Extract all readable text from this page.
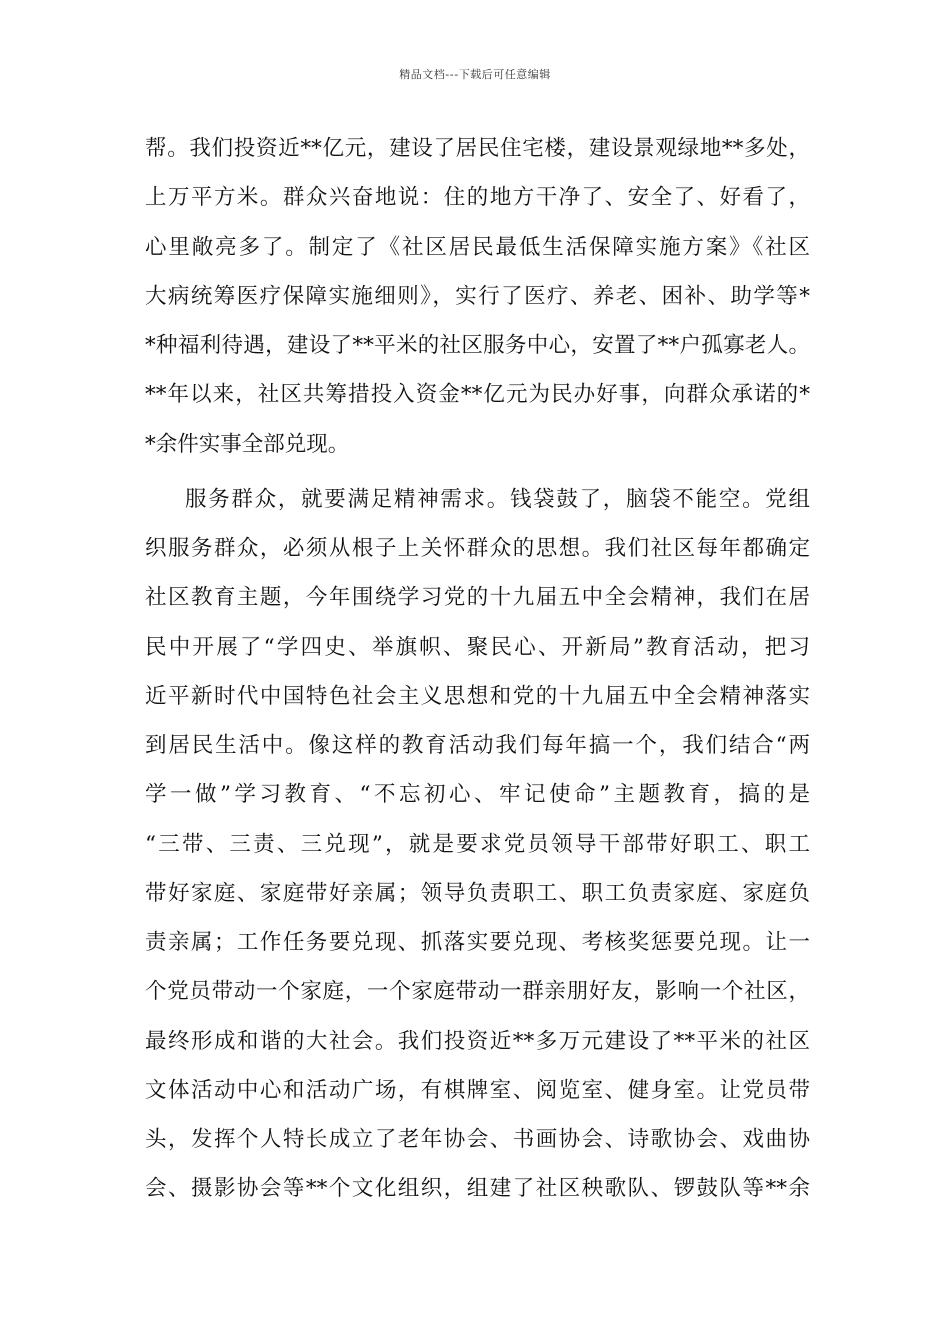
精品文档---下载后可任意编辑
帮。我们投资近**亿元，建设了居民住宅楼，建设景观绿地**多处，
上万平方米。群众兴奋地说：住的地方干净了、安全了、好看了，
心里敞亮多了。制定了《社区居民最低生活保障实施方案》《社区
大病统筹医疗保障实施细则》，实行了医疗、养老、困补、助学等*
*种福利待遇，建设了**平米的社区服务中心，安置了**户孤寡老人。
**年以来，社区共筹措投入资金**亿元为民办好事，向群众承诺的*
*余件实事全部兑现。
服务群众，就要满足精神需求。钱袋鼓了，脑袋不能空。党组
织服务群众，必须从根子上关怀群众的思想。我们社区每年都确定
社区教育主题，今年围绕学习党的十九届五中全会精神，我们在居
民中开展了“学四史、举旗帜、聚民心、开新局”教育活动，把习
近平新时代中国特色社会主义思想和党的十九届五中全会精神落实
到居民生活中。像这样的教育活动我们每年搞一个，我们结合“两
学一做”学习教育、“不忘初心、牢记使命”主题教育，搞的是
“三带、三责、三兑现”，就是要求党员领导干部带好职工、职工
带好家庭、家庭带好亲属；领导负责职工、职工负责家庭、家庭负
责亲属；工作任务要兑现、抓落实要兑现、考核奖惩要兑现。让一
个党员带动一个家庭，一个家庭带动一群亲朋好友，影响一个社区，
最终形成和谐的大社会。我们投资近**多万元建设了**平米的社区
文体活动中心和活动广场，有棋牌室、阅览室、健身室。让党员带
头，发挥个人特长成立了老年协会、书画协会、诗歌协会、戏曲协
会、摄影协会等**个文化组织，组建了社区秧歌队、锣鼓队等**余
